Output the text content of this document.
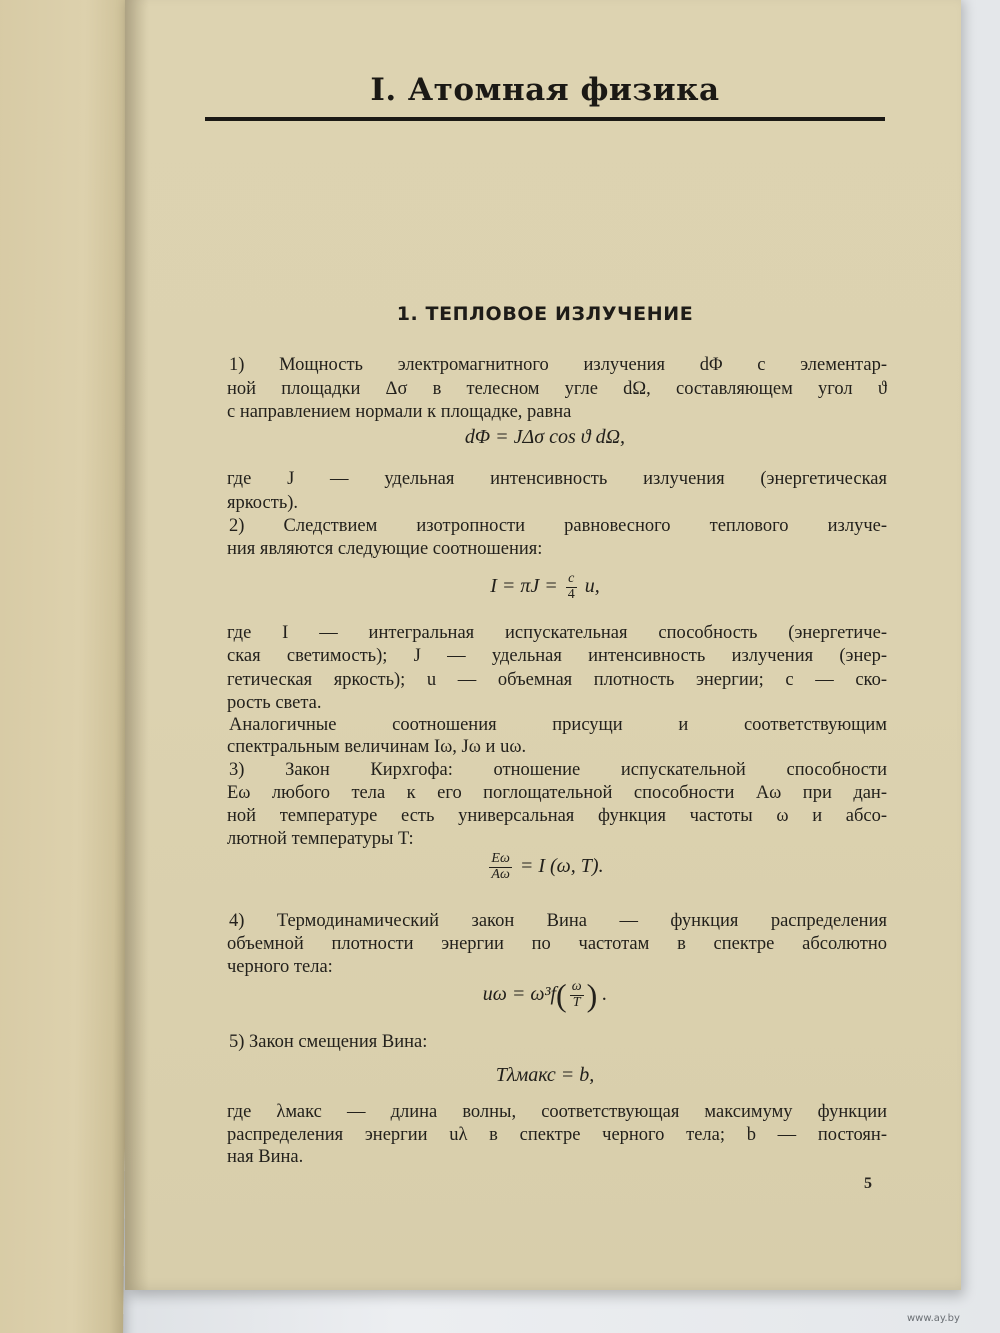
I. Атомная физика
1. ТЕПЛОВОЕ ИЗЛУЧЕНИЕ
1) Мощность электромагнитного излучения dΦ с элементар-
ной площадки Δσ в телесном угле dΩ, составляющем угол ϑ
с направлением нормали к площадке, равна
где J — удельная интенсивность излучения (энергетическая
яркость).
2) Следствием изотропности равновесного теплового излуче-
ния являются следующие соотношения:
где I — интегральная испускательная способность (энергетиче-
ская светимость); J — удельная интенсивность излучения (энер-
гетическая яркость); u — объемная плотность энергии; c — ско-
рость света.
Аналогичные соотношения присущи и соответствующим
спектральным величинам Iω, Jω и uω.
3) Закон Кирхгофа: отношение испускательной способности
Eω любого тела к его поглощательной способности Aω при дан-
ной температуре есть универсальная функция частоты ω и абсо-
лютной температуры T:
4) Термодинамический закон Вина — функция распределения
объемной плотности энергии по частотам в спектре абсолютно
черного тела:
5) Закон смещения Вина:
где λмакс — длина волны, соответствующая максимуму функции
распределения энергии uλ в спектре черного тела; b — постоян-
ная Вина.
dΦ = JΔσ cos ϑ dΩ,
$I = \pi J = \frac{c}{4} u$,
$\frac{E\omega}{A\omega} = I$ (ω, T).
$u\omega = \omega^3f( \frac{\omega}{T}$ ) .
Tλмакс = b,
5
www.ay.by
